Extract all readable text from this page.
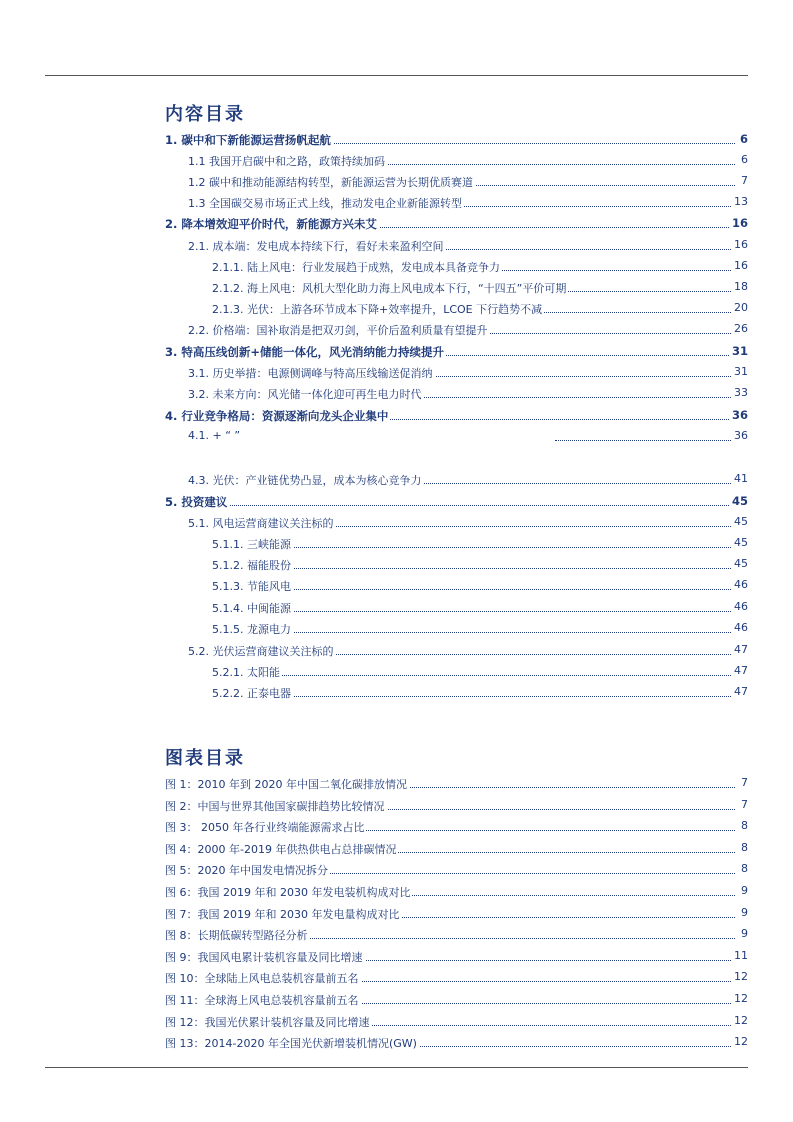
内容目录
1. 碳中和下新能源运营扬帆起航	6
1.1 我国开启碳中和之路，政策持续加码	6
1.2 碳中和推动能源结构转型，新能源运营为长期优质赛道	7
1.3 全国碳交易市场正式上线，推动发电企业新能源转型	13
2. 降本增效迎平价时代，新能源方兴未艾	16
2.1. 成本端：发电成本持续下行，看好未来盈利空间	16
2.1.1. 陆上风电：行业发展趋于成熟，发电成本具备竞争力	16
2.1.2. 海上风电：风机大型化助力海上风电成本下行，“十四五”平价可期	18
2.1.3. 光伏：上游各环节成本下降+效率提升，LCOE 下行趋势不减	20
2.2. 价格端：国补取消是把双刃剑，平价后盈利质量有望提升	26
3. 特高压线创新+储能一体化，风光消纳能力持续提升	31
3.1. 历史举措：电源侧调峰与特高压线输送促消纳	31
3.2. 未来方向：风光储一体化迎可再生电力时代	33
4. 行业竞争格局：资源逐渐向龙头企业集中	36
4.1. + “ ”	36
4.3. 光伏：产业链优势凸显，成本为核心竞争力	41
5. 投资建议	45
5.1. 风电运营商建议关注标的	45
5.1.1. 三峡能源	45
5.1.2. 福能股份	45
5.1.3. 节能风电	46
5.1.4. 中闽能源	46
5.1.5. 龙源电力	46
5.2. 光伏运营商建议关注标的	47
5.2.1. 太阳能	47
5.2.2. 正泰电器	47
图表目录
图 1：2010 年到 2020 年中国二氧化碳排放情况	7
图 2：中国与世界其他国家碳排趋势比较情况	7
图 3： 2050 年各行业终端能源需求占比	8
图 4：2000 年-2019 年供热供电占总排碳情况	8
图 5：2020 年中国发电情况拆分	8
图 6：我国 2019 年和 2030 年发电装机构成对比	9
图 7：我国 2019 年和 2030 年发电量构成对比	9
图 8：长期低碳转型路径分析	9
图 9：我国风电累计装机容量及同比增速	11
图 10：全球陆上风电总装机容量前五名	12
图 11：全球海上风电总装机容量前五名	12
图 12：我国光伏累计装机容量及同比增速	12
图 13：2014-2020 年全国光伏新增装机情况(GW)	12
